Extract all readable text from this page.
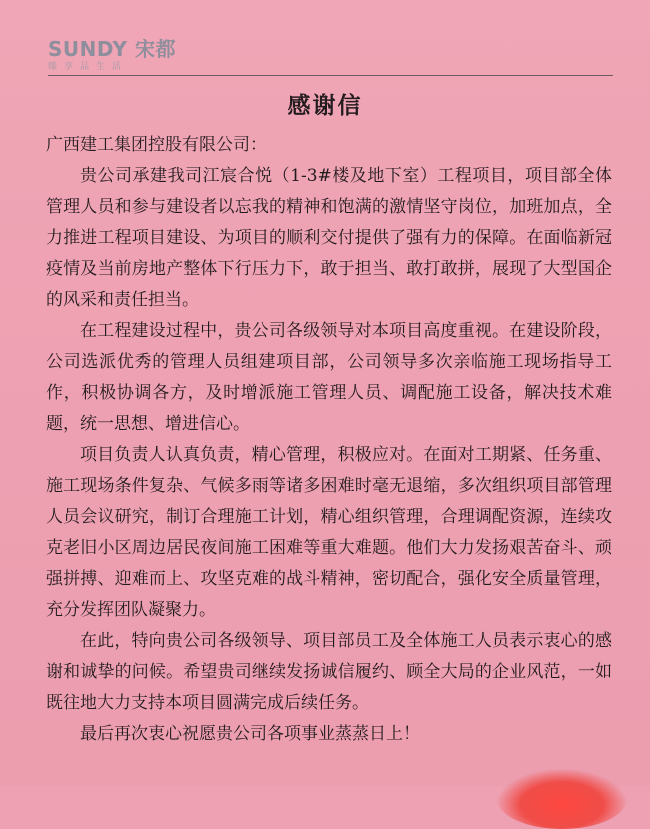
SUNDY 宋都
臻享品生活
感谢信
广西建工集团控股有限公司：

贵公司承建我司江宸合悦（1-3#楼及地下室）工程项目，项目部全体管理人员和参与建设者以忘我的精神和饱满的激情坚守岗位，加班加点，全力推进工程项目建设、为项目的顺利交付提供了强有力的保障。在面临新冠疫情及当前房地产整体下行压力下，敢于担当、敢打敢拼，展现了大型国企的风采和责任担当。

在工程建设过程中，贵公司各级领导对本项目高度重视。在建设阶段，公司选派优秀的管理人员组建项目部，公司领导多次亲临施工现场指导工作，积极协调各方，及时增派施工管理人员、调配施工设备，解决技术难题，统一思想、增进信心。

项目负责人认真负责，精心管理，积极应对。在面对工期紧、任务重、施工现场条件复杂、气候多雨等诸多困难时毫无退缩，多次组织项目部管理人员会议研究，制订合理施工计划，精心组织管理，合理调配资源，连续攻克老旧小区周边居民夜间施工困难等重大难题。他们大力发扬艰苦奋斗、顽强拼搏、迎难而上、攻坚克难的战斗精神，密切配合，强化安全质量管理，充分发挥团队凝聚力。

在此，特向贵公司各级领导、项目部员工及全体施工人员表示衷心的感谢和诚挚的问候。希望贵司继续发扬诚信履约、顾全大局的企业风范，一如既往地大力支持本项目圆满完成后续任务。

最后再次衷心祝愿贵公司各项事业蒸蒸日上！
